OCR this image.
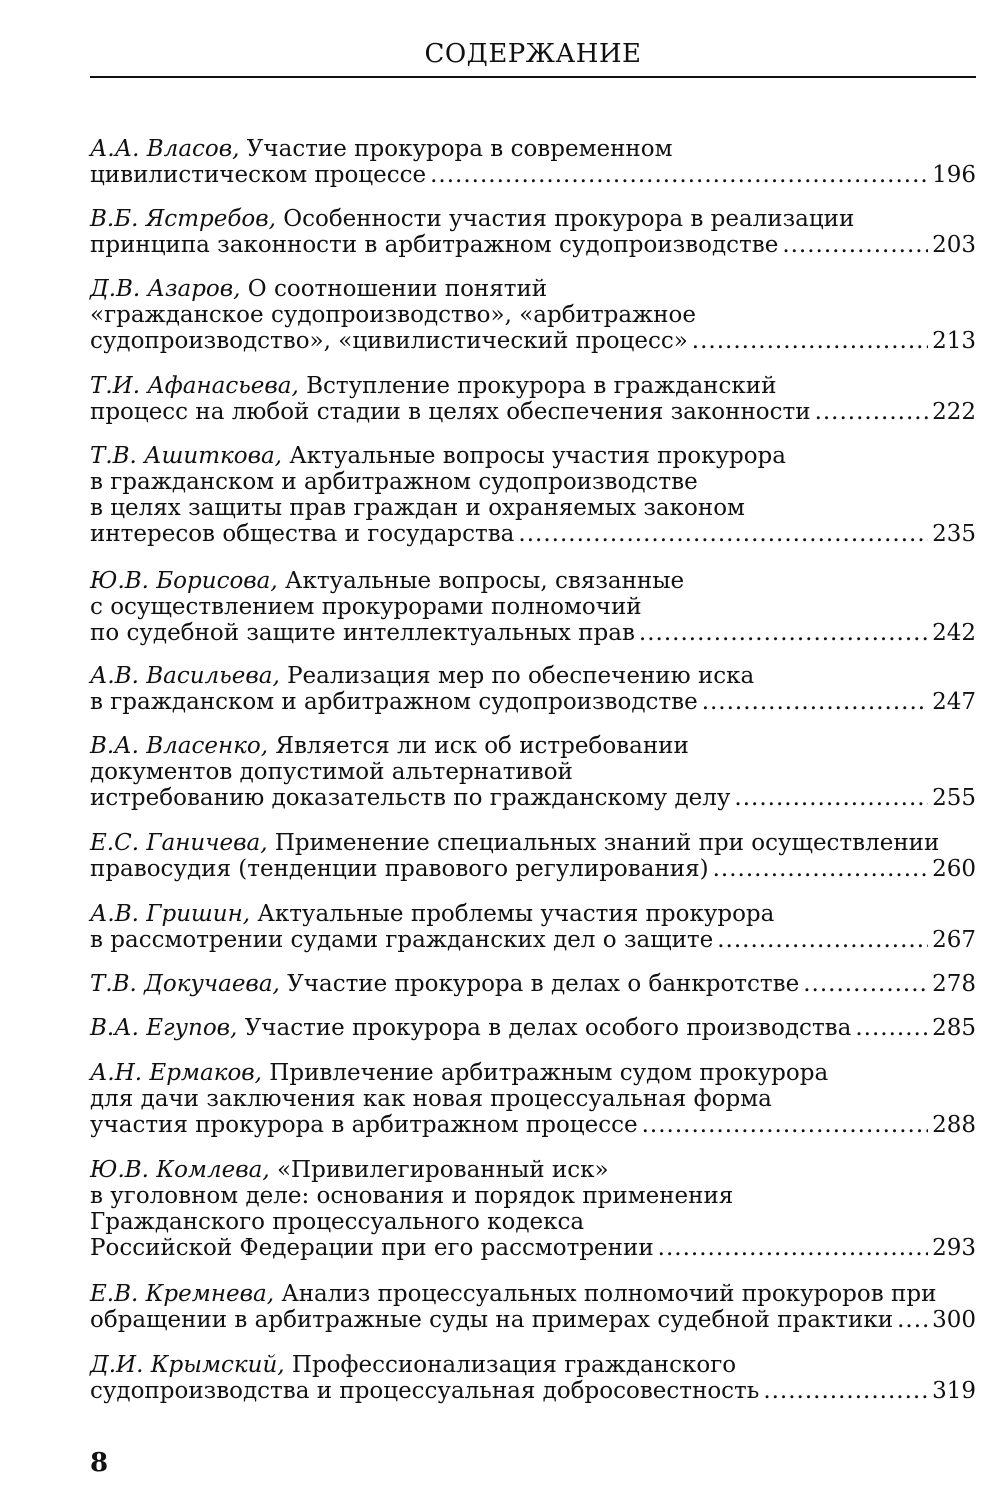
СОДЕРЖАНИЕ
А.А. Власов, Участие прокурора в современном
цивилистическом процессе .....	196
В.Б. Ястребов, Особенности участия прокурора в реализации
принципа законности в арбитражном судопроизводстве .....	203
Д.В. Азаров, О соотношении понятий
«гражданское судопроизводство», «арбитражное
судопроизводство», «цивилистический процесс» .....	213
Т.И. Афанасьева, Вступление прокурора в гражданский
процесс на любой стадии в целях обеспечения законности .....	222
Т.В. Ашиткова, Актуальные вопросы участия прокурора
в гражданском и арбитражном судопроизводстве
в целях защиты прав граждан и охраняемых законом
интересов общества и государства .....	235
Ю.В. Борисова, Актуальные вопросы, связанные
с осуществлением прокурорами полномочий
по судебной защите интеллектуальных прав .....	242
А.В. Васильева, Реализация мер по обеспечению иска
в гражданском и арбитражном судопроизводстве .....	247
В.А. Власенко, Является ли иск об истребовании
документов допустимой альтернативой
истребованию доказательств по гражданскому делу .....	255
Е.С. Ганичева, Применение специальных знаний при осуществлении
правосудия (тенденции правового регулирования) .....	260
А.В. Гришин, Актуальные проблемы участия прокурора
в рассмотрении судами гражданских дел о защите .....	267
Т.В. Докучаева, Участие прокурора в делах о банкротстве .....	278
В.А. Егупов, Участие прокурора в делах особого производства .....	285
А.Н. Ермаков, Привлечение арбитражным судом прокурора
для дачи заключения как новая процессуальная форма
участия прокурора в арбитражном процессе .....	288
Ю.В. Комлева, «Привилегированный иск»
в уголовном деле: основания и порядок применения
Гражданского процессуального кодекса
Российской Федерации при его рассмотрении .....	293
Е.В. Кремнева, Анализ процессуальных полномочий прокуроров при
обращении в арбитражные суды на примерах судебной практики ..... 300
Д.И. Крымский, Профессионализация гражданского
судопроизводства и процессуальная добросовестность .....	319
8
